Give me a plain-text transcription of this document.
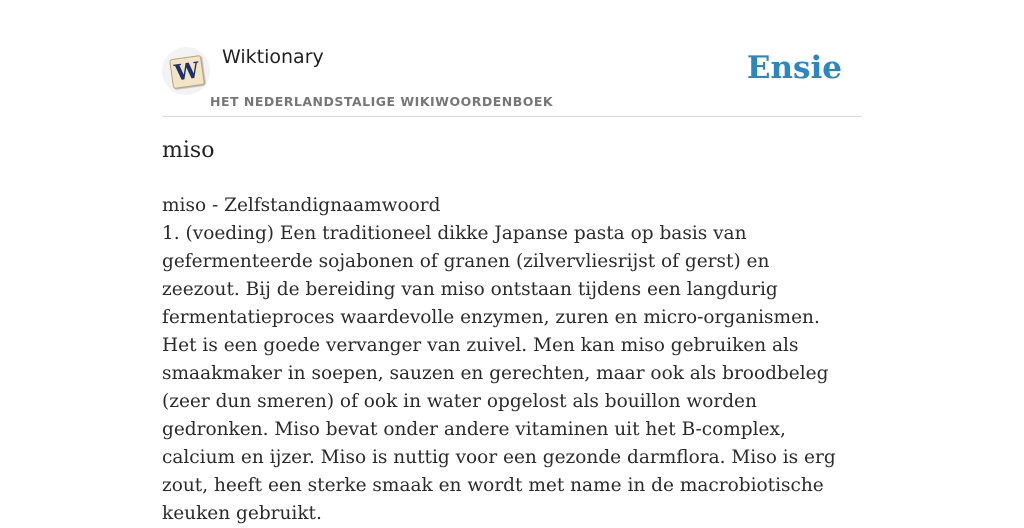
W
Wiktionary
HET NEDERLANDSTALIGE WIKIWOORDENBOEK
Ensie
miso
miso - Zelfstandignaamwoord

1. (voeding) Een traditioneel dikke Japanse pasta op basis van gefermenteerde sojabonen of granen (zilvervliesrijst of gerst) en zeezout. Bij de bereiding van miso ontstaan tijdens een langdurig fermentatieproces waardevolle enzymen, zuren en micro-organismen. Het is een goede vervanger van zuivel. Men kan miso gebruiken als smaakmaker in soepen, sauzen en gerechten, maar ook als broodbeleg (zeer dun smeren) of ook in water opgelost als bouillon worden gedronken. Miso bevat onder andere vitaminen uit het B-complex, calcium en ijzer. Miso is nuttig voor een gezonde darmflora. Miso is erg zout, heeft een sterke smaak en wordt met name in de macrobiotische keuken gebruikt.
